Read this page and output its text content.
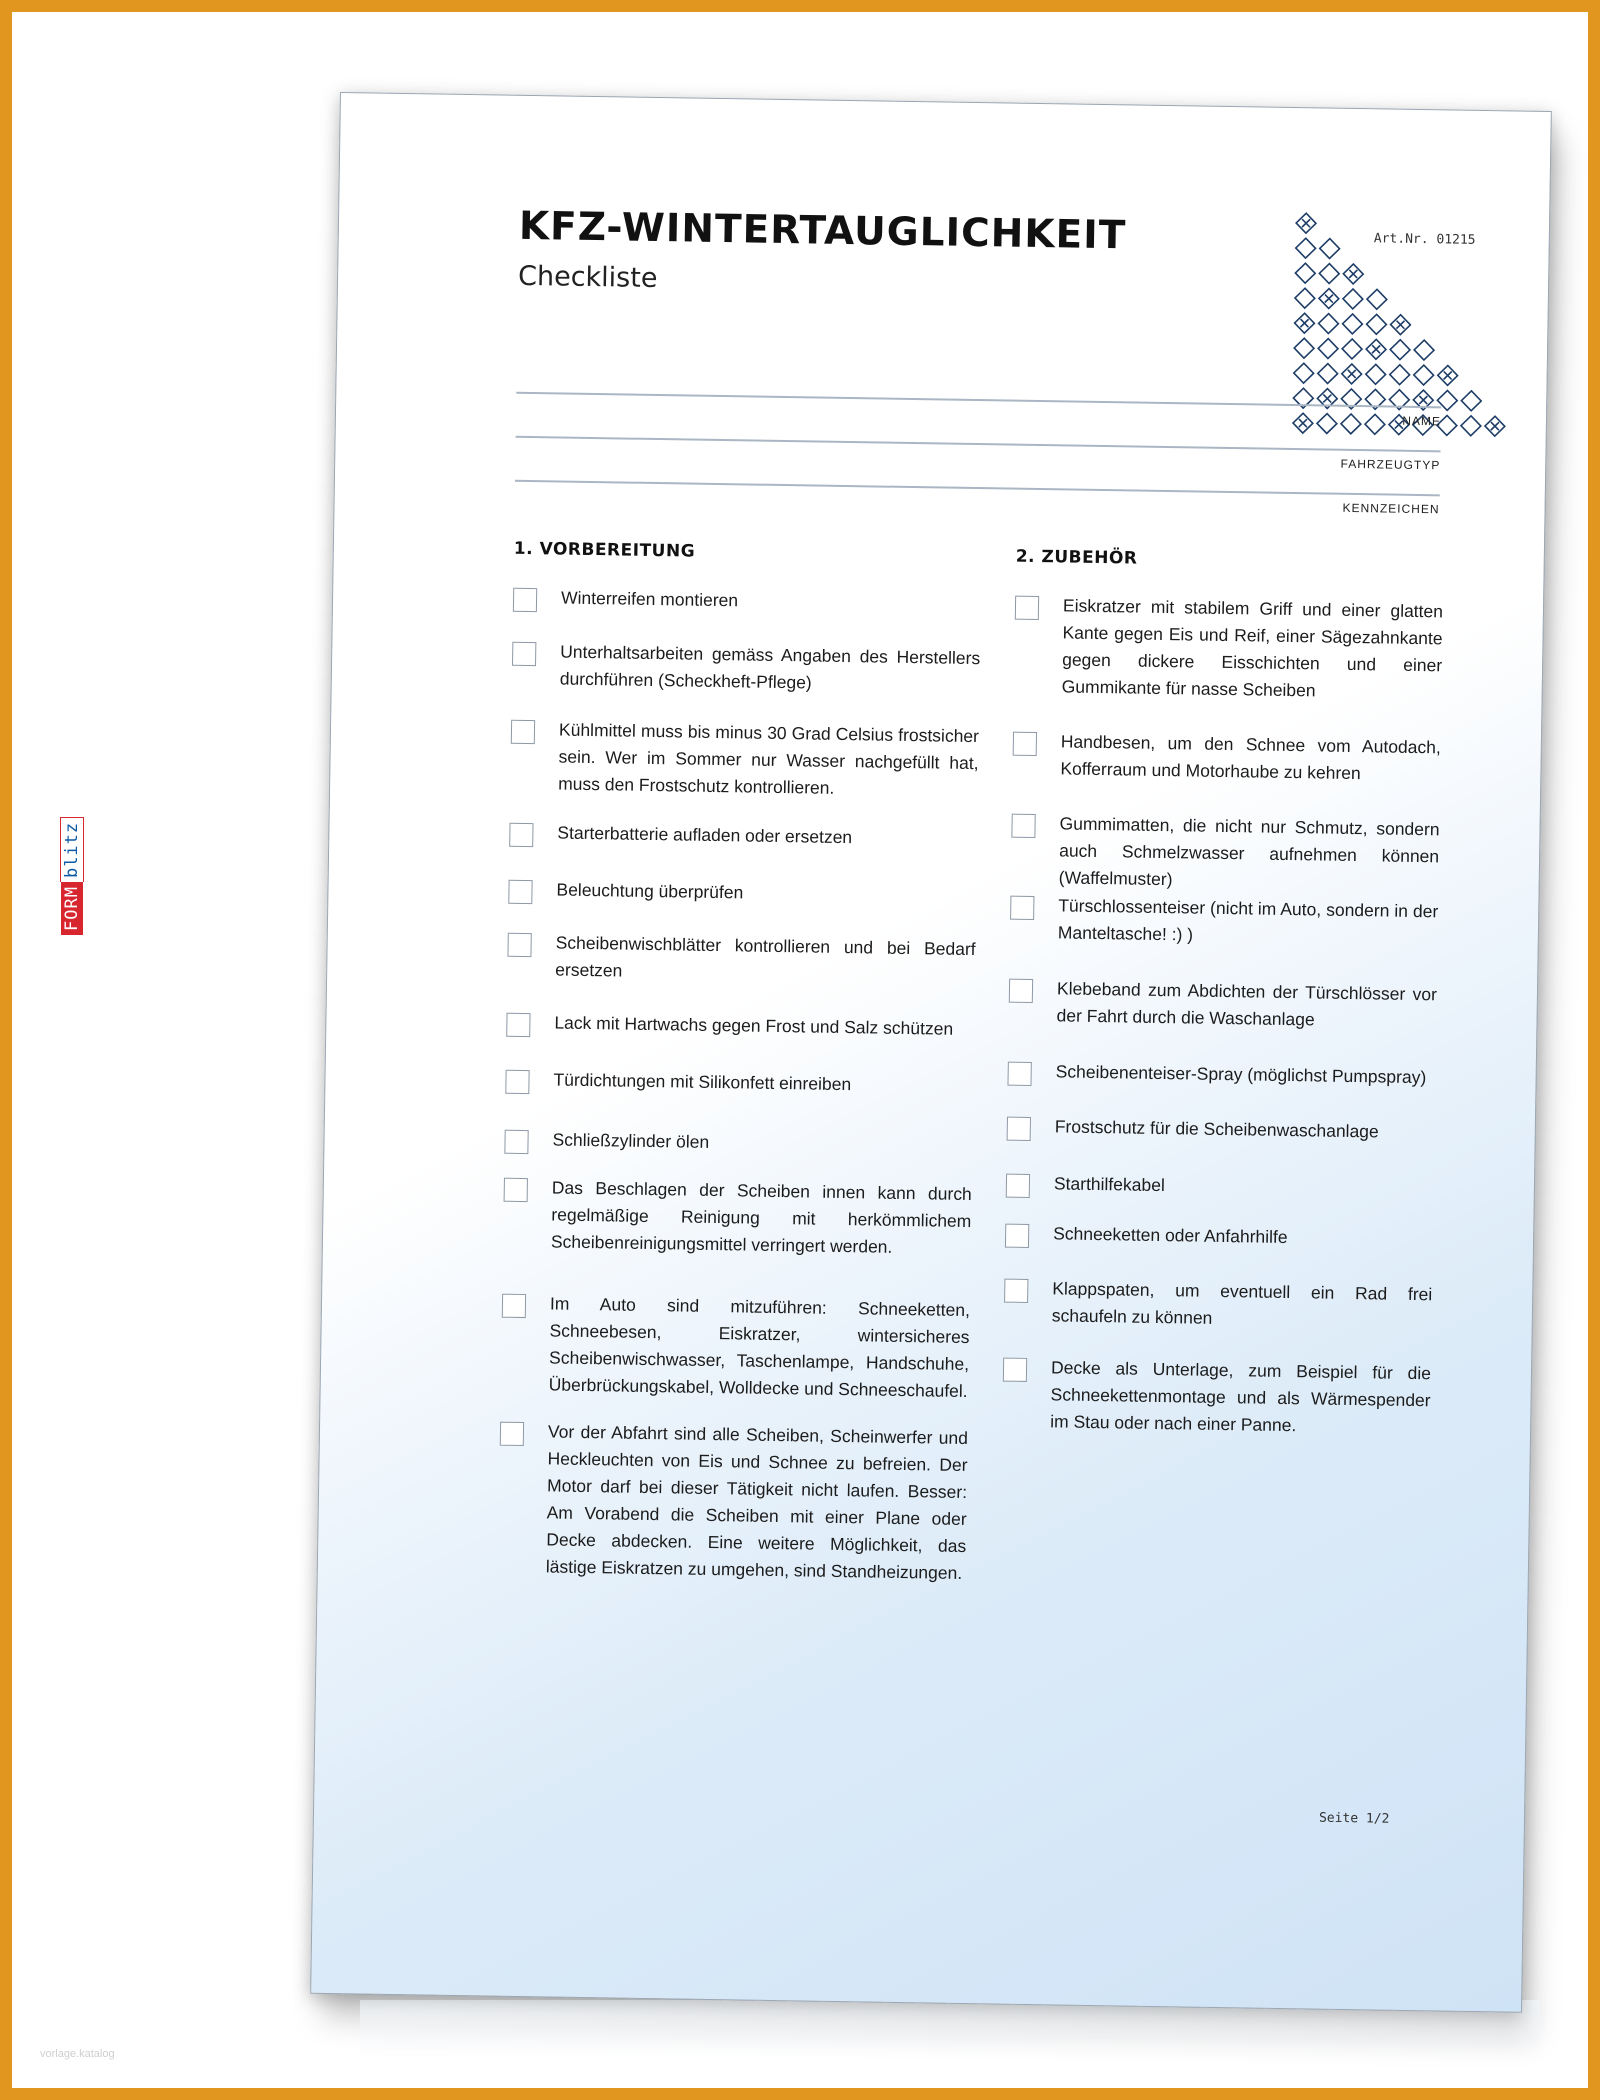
KFZ-WINTERTAUGLICHKEIT
Checkliste
Art.Nr. 01215
NAME
FAHRZEUGTYP
KENNZEICHEN
1. VORBEREITUNG	2. ZUBEHÖR
Winterreifen montieren
Unterhaltsarbeiten gemäss Angaben des Herstellers durchführen (Scheckheft-Pflege)
Kühlmittel muss bis minus 30 Grad Celsius frostsicher sein. Wer im Sommer nur Wasser nachgefüllt hat, muss den Frostschutz kontrollieren.
Starterbatterie aufladen oder ersetzen
Beleuchtung überprüfen
Scheibenwischblätter kontrollieren und bei Bedarf ersetzen
Lack mit Hartwachs gegen Frost und Salz schützen
Türdichtungen mit Silikonfett einreiben
Schließzylinder ölen
Das Beschlagen der Scheiben innen kann durch regelmäßige Reinigung mit herkömmlichem Scheibenreinigungsmittel verringert werden.
Im Auto sind mitzuführen: Schneeketten, Schneebesen, Eiskratzer, wintersicheres Scheibenwischwasser, Taschenlampe, Handschuhe, Überbrückungskabel, Wolldecke und Schneeschaufel.
Vor der Abfahrt sind alle Scheiben, Scheinwerfer und Heckleuchten von Eis und Schnee zu befreien. Der Motor darf bei dieser Tätigkeit nicht laufen. Besser: Am Vorabend die Scheiben mit einer Plane oder Decke abdecken. Eine weitere Möglichkeit, das lästige Eiskratzen zu umgehen, sind Standheizungen.
Eiskratzer mit stabilem Griff und einer glatten Kante gegen Eis und Reif, einer Sägezahnkante gegen dickere Eisschichten und einer Gummikante für nasse Scheiben
Handbesen, um den Schnee vom Autodach, Kofferraum und Motorhaube zu kehren
Gummimatten, die nicht nur Schmutz, sondern auch Schmelzwasser aufnehmen können (Waffelmuster)
Türschlossenteiser (nicht im Auto, sondern in der Manteltasche! :) )
Klebeband zum Abdichten der Türschlösser vor der Fahrt durch die Waschanlage
Scheibenenteiser-Spray (möglichst Pumpspray)
Frostschutz für die Scheibenwaschanlage
Starthilfekabel
Schneeketten oder Anfahrhilfe
Klappspaten, um eventuell ein Rad frei schaufeln zu können
Decke als Unterlage, zum Beispiel für die Schneekettenmontage und als Wärmespender im Stau oder nach einer Panne.
Seite 1/2
FORM
blitz
vorlage.katalog
